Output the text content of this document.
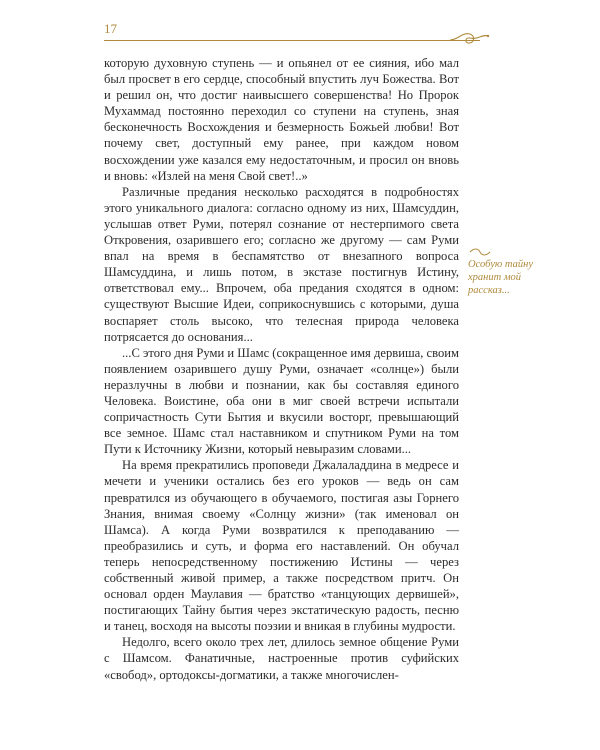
17

которую духовную ступень — и опьянел от ее сияния, ибо мал был просвет в его сердце, способный впустить луч Божества. Вот и решил он, что достиг наивысшего совершенства! Но Пророк Мухаммад постоянно переходил со ступени на ступень, зная бесконечность Восхождения и безмерность Божьей любви! Вот почему свет, доступный ему ранее, при каждом новом восхождении уже казался ему недостаточным, и просил он вновь и вновь: «Излей на меня Свой свет!..»

Различные предания несколько расходятся в подробностях этого уникального диалога: согласно одному из них, Шамсуддин, услышав ответ Руми, потерял сознание от нестерпимого света Откровения, озарившего его; согласно же другому — сам Руми впал на время в беспамятство от внезапного вопроса Шамсуддина, и лишь потом, в экстазе постигнув Истину, ответствовал ему... Впрочем, оба предания сходятся в одном: существуют Высшие Идеи, соприкоснувшись с которыми, душа воспаряет столь высоко, что телесная природа человека потрясается до основания...

...С этого дня Руми и Шамс (сокращенное имя дервиша, своим появлением озарившего душу Руми, означает «солнце») были неразлучны в любви и познании, как бы составляя единого Человека. Воистине, оба они в миг своей встречи испытали сопричастность Сути Бытия и вкусили восторг, превышающий все земное. Шамс стал наставником и спутником Руми на том Пути к Источнику Жизни, который невыразим словами...

На время прекратились проповеди Джалаладдина в медресе и мечети и ученики остались без его уроков — ведь он сам превратился из обучающего в обучаемого, постигая азы Горнего Знания, внимая своему «Солнцу жизни» (так именовал он Шамса). А когда Руми возвратился к преподаванию — преобразились и суть, и форма его наставлений. Он обучал теперь непосредственному постижению Истины — через собственный живой пример, а также посредством притч. Он основал орден Маулавия — братство «танцующих дервишей», постигающих Тайну бытия через экстатическую радость, песню и танец, восходя на высоты поэзии и вникая в глубины мудрости.

Недолго, всего около трех лет, длилось земное общение Руми с Шамсом. Фанатичные, настроенные против суфийских «свобод», ортодоксы-догматики, а также многочислен-

Особую тайну хранит мой рассказ...
